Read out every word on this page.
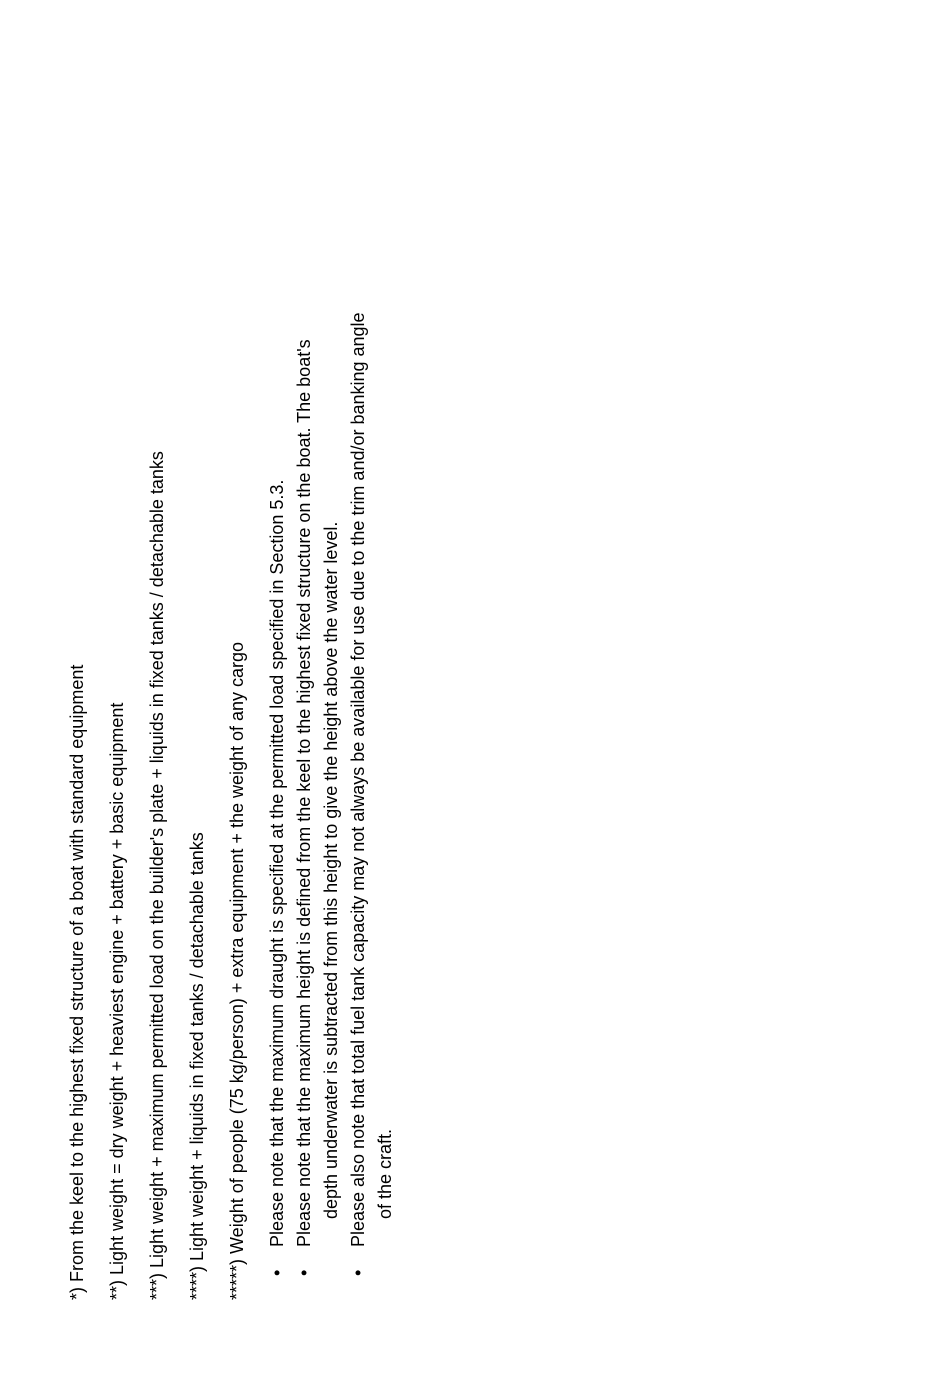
*) From the keel to the highest fixed structure of a boat with standard equipment **) Light weight = dry weight + heaviest engine + battery + basic equipment ***) Light weight + maximum permitted load on the builder's plate + liquids in fixed tanks / detachable tanks ****) Light weight + liquids in fixed tanks / detachable tanks *****) Weight of people (75 kg/person) + extra equipment + the weight of any cargo •
Please note that the maximum draught is specified at the permitted load specified in Section 5.3.
•
Please note that the maximum height is defined from the keel to the highest fixed structure on the boat. The boat's depth underwater is subtracted from this height to give the height above the water level.
•
Please also note that total fuel tank capacity may not always be available for use due to the trim and/or banking angle of the craft.
